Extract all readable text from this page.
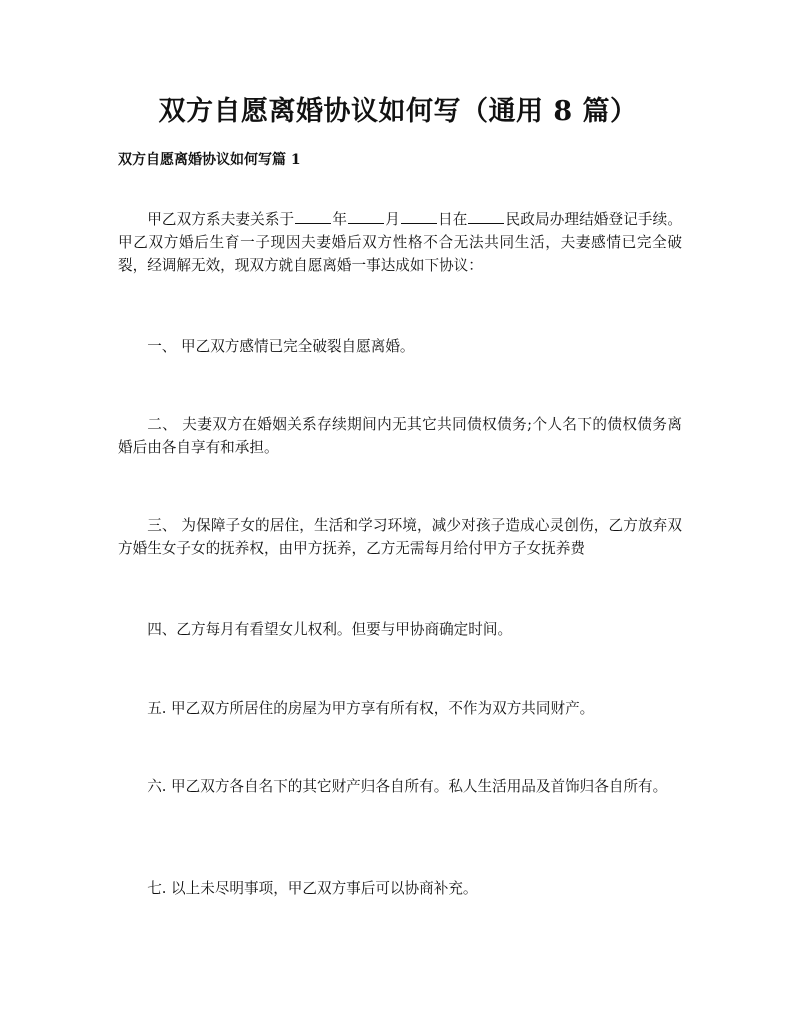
双方自愿离婚协议如何写（通用 8 篇）
双方自愿离婚协议如何写篇 1

甲乙双方系夫妻关系于	年	月	日在	民政局办理结婚登记手续。甲乙双方婚后生育一子现因夫妻婚后双方性格不合无法共同生活，夫妻感情已完全破裂，经调解无效，现双方就自愿离婚一事达成如下协议：

一、 甲乙双方感情已完全破裂自愿离婚。

二、 夫妻双方在婚姻关系存续期间内无其它共同债权债务;个人名下的债权债务离婚后由各自享有和承担。

三、 为保障子女的居住，生活和学习环境，减少对孩子造成心灵创伤，乙方放弃双方婚生女子女的抚养权，由甲方抚养，乙方无需每月给付甲方子女抚养费

四、乙方每月有看望女儿权利。但要与甲协商确定时间。

五. 甲乙双方所居住的房屋为甲方享有所有权，不作为双方共同财产。

六. 甲乙双方各自名下的其它财产归各自所有。私人生活用品及首饰归各自所有。

七. 以上未尽明事项，甲乙双方事后可以协商补充。
